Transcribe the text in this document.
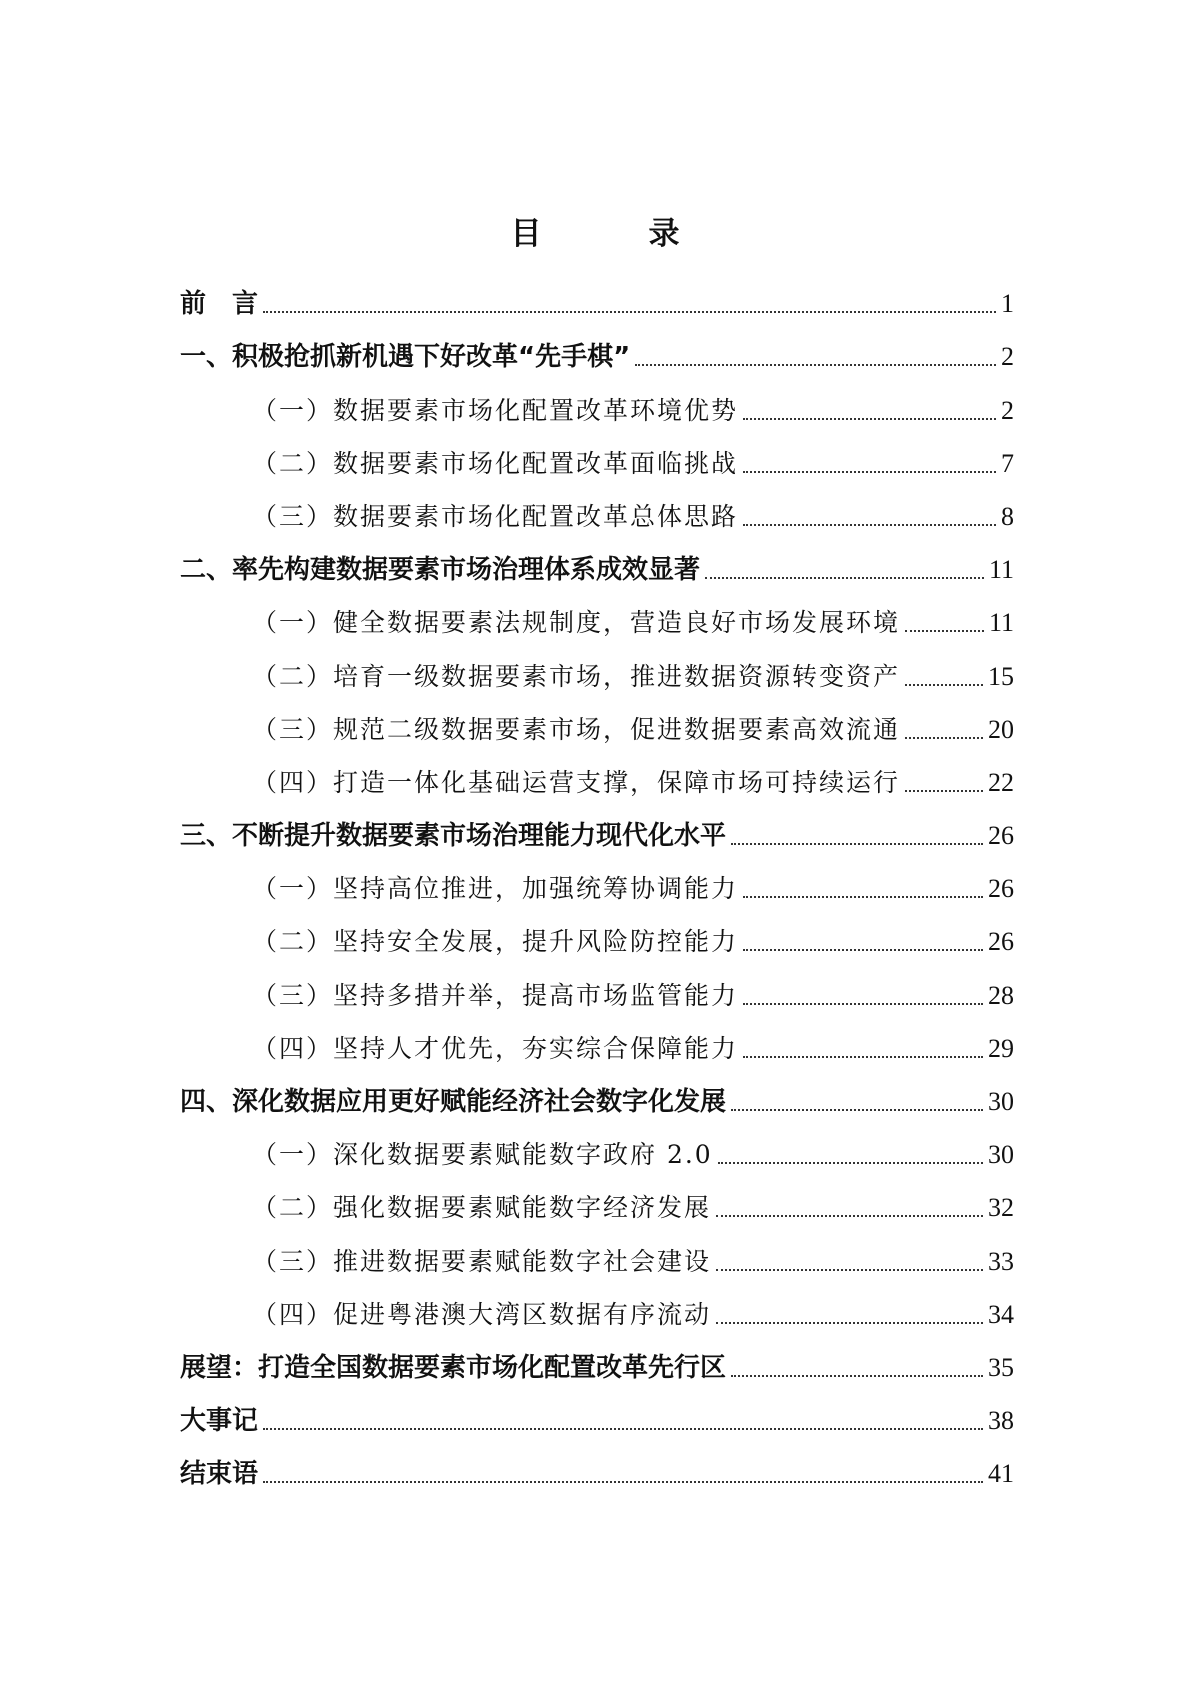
目　录
前　言	1
一、积极抢抓新机遇下好改革“先手棋”	2
（一）数据要素市场化配置改革环境优势	2
（二）数据要素市场化配置改革面临挑战	7
（三）数据要素市场化配置改革总体思路	8
二、率先构建数据要素市场治理体系成效显著	11
（一）健全数据要素法规制度，营造良好市场发展环境	11
（二）培育一级数据要素市场，推进数据资源转变资产	15
（三）规范二级数据要素市场，促进数据要素高效流通	20
（四）打造一体化基础运营支撑，保障市场可持续运行	22
三、不断提升数据要素市场治理能力现代化水平	26
（一）坚持高位推进，加强统筹协调能力	26
（二）坚持安全发展，提升风险防控能力	26
（三）坚持多措并举，提高市场监管能力	28
（四）坚持人才优先，夯实综合保障能力	29
四、深化数据应用更好赋能经济社会数字化发展	30
（一）深化数据要素赋能数字政府 2.0	30
（二）强化数据要素赋能数字经济发展	32
（三）推进数据要素赋能数字社会建设	33
（四）促进粤港澳大湾区数据有序流动	34
展望：打造全国数据要素市场化配置改革先行区	35
大事记	38
结束语	41
